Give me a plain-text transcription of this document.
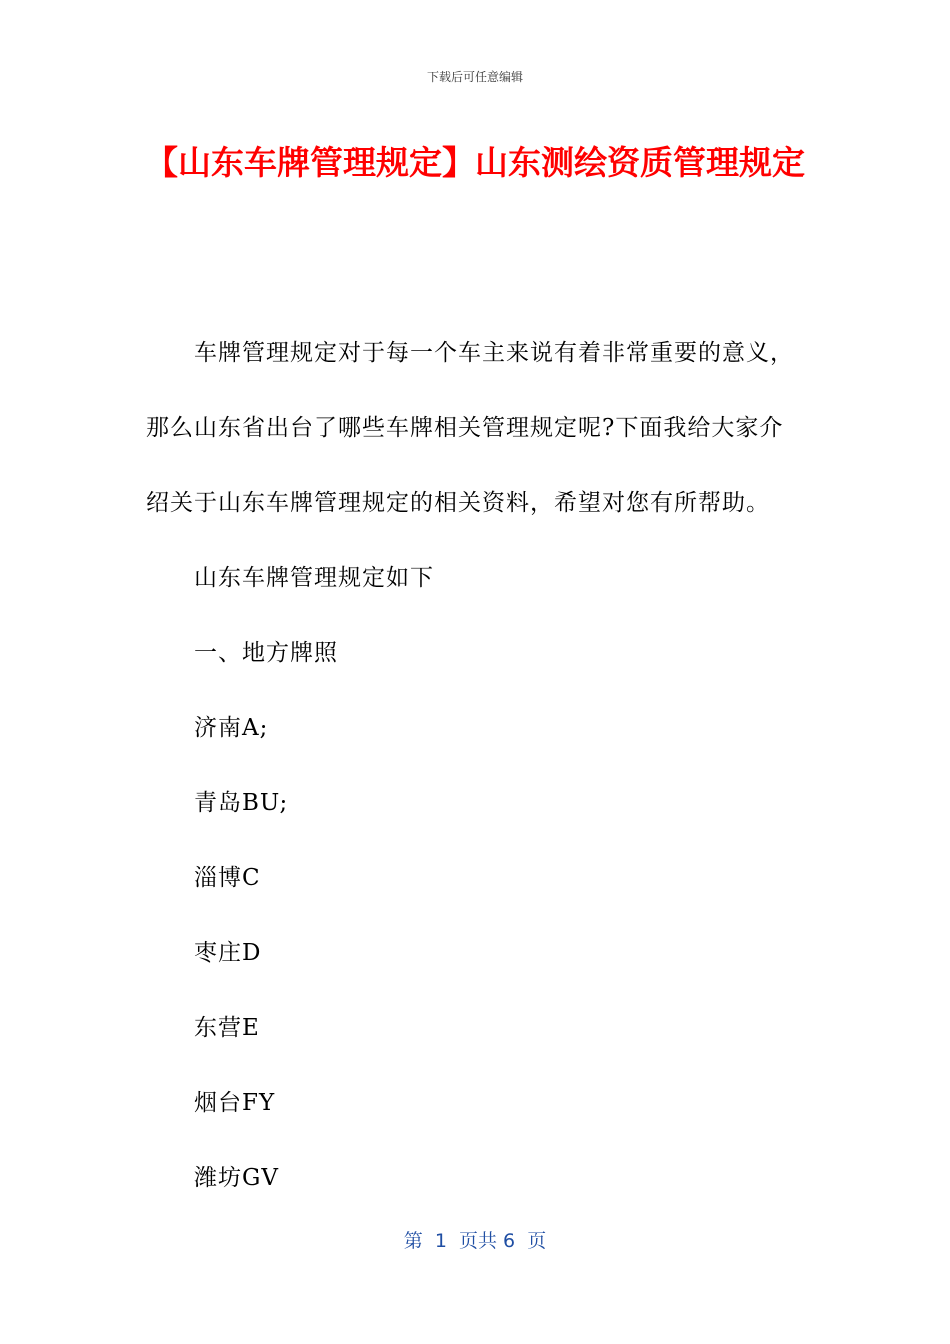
下载后可任意编辑
【山东车牌管理规定】山东测绘资质管理规定

车牌管理规定对于每一个车主来说有着非常重要的意义，那么山东省出台了哪些车牌相关管理规定呢?下面我给大家介绍关于山东车牌管理规定的相关资料，希望对您有所帮助。

山东车牌管理规定如下

一、地方牌照

济南A;

青岛BU;

淄博C

枣庄D

东营E

烟台FY

潍坊GV

第  1  页共 6  页
